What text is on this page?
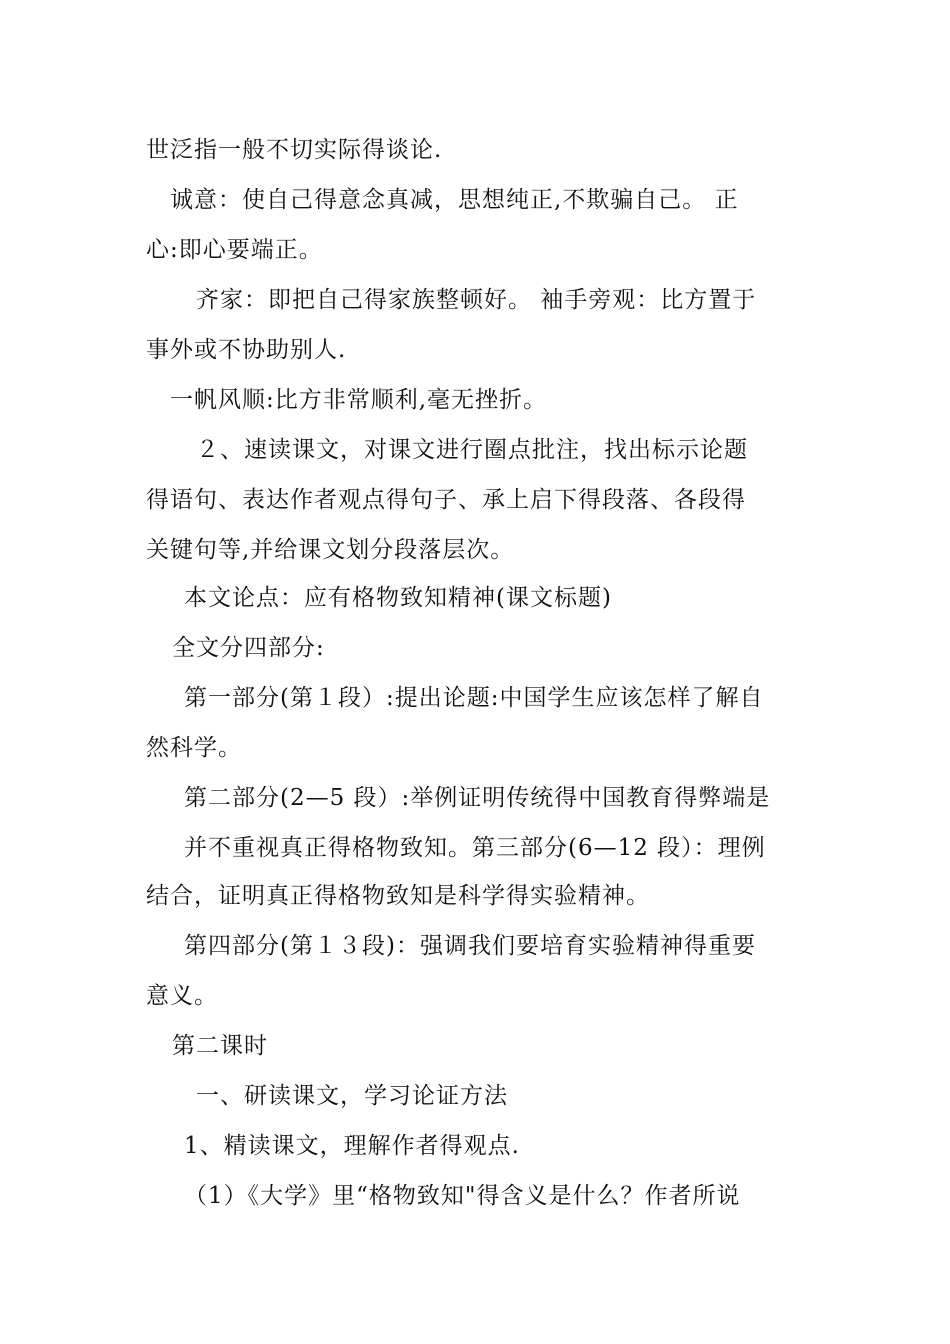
世泛指一般不切实际得谈论.
诚意：使自己得意念真减，思想纯正,不欺骗自己。 正
心:即心要端正。
齐家：即把自己得家族整顿好。 袖手旁观：比方置于
事外或不协助别人.
一帆风顺:比方非常顺利,毫无挫折。
２、速读课文，对课文进行圈点批注，找出标示论题
得语句、表达作者观点得句子、承上启下得段落、各段得
关键句等,并给课文划分段落层次。
本文论点：应有格物致知精神(课文标题)
全文分四部分:
第一部分(第１段）:提出论题:中国学生应该怎样了解自
然科学。
第二部分(2—5 段）:举例证明传统得中国教育得弊端是
并不重视真正得格物致知。第三部分(6—12 段）：理例
结合，证明真正得格物致知是科学得实验精神。
第四部分(第１３段)：强调我们要培育实验精神得重要
意义。
第二课时
一、研读课文，学习论证方法
1、精读课文，理解作者得观点.
（1）《大学》里“格物致知"得含义是什么？作者所说
